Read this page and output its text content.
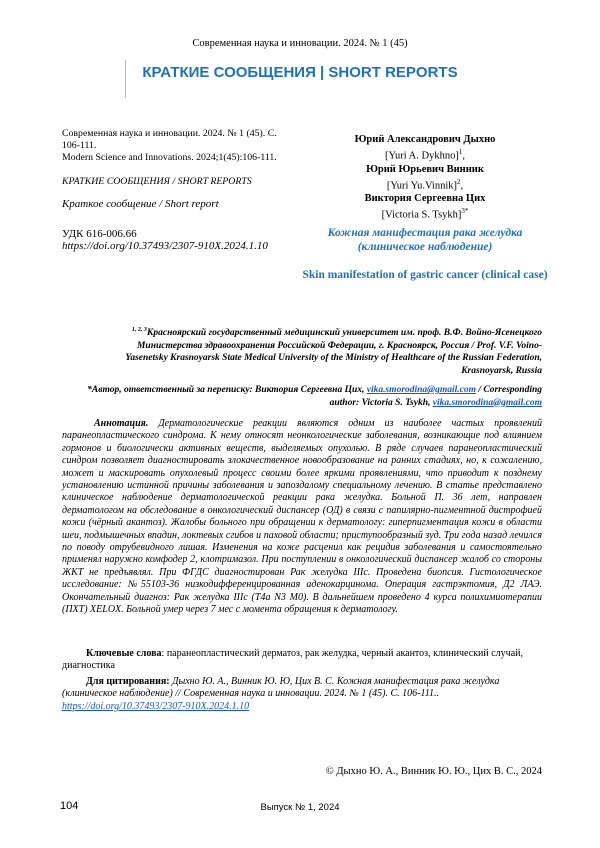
Современная наука и инновации. 2024. № 1 (45)
КРАТКИЕ СООБЩЕНИЯ | SHORT REPORTS
Современная наука и инновации. 2024. № 1 (45). С. 106-111.
Modern Science and Innovations. 2024;1(45):106-111.
КРАТКИЕ СООБЩЕНИЯ / SHORT REPORTS
Краткое сообщение / Short report
УДК 616-006.66
https://doi.org/10.37493/2307-910X.2024.1.10
Юрий Александрович Дыхно
[Yuri A. Dykhno]$^1$,
Юрий Юрьевич Винник
[Yuri Yu.Vinnik]$^2$,
Виктория Сергеевна Цих
[Victoria S. Tsykh]$^{3*}$
Кожная манифестация рака желудка (клиническое наблюдение)
Skin manifestation of gastric cancer (clinical case)
$^{1, 2, 3}$Красноярский государственный медицинский университет им. проф. В.Ф. Войно-Ясенецкого Министерства здравоохранения Российской Федерации, г. Красноярск, Россия / Prof. V.F. Voino-Yasenetsky Krasnoyarsk State Medical University of the Ministry of Healthcare of the Russian Federation, Krasnoyarsk, Russia
*Автор, ответственный за переписку: Виктория Сергеевна Цих, vika.smorodina@gmail.com / Corresponding author: Victoria S. Tsykh, vika.smorodina@gmail.com
Аннотация. Дерматологические реакции являются одним из наиболее частых проявлений паранеопластического синдрома. К нему относят неонкологические заболевания, возникающие под влиянием гормонов и биологически активных веществ, выделяемых опухолью. В ряде случаев паранеопластический синдром позволяет диагностировать злокачественное новообразование на ранних стадиях, но, к сожалению, может и маскировать опухолевый процесс своими более яркими проявлениями, что приводит к позднему установлению истинной причины заболевания и запоздалому специальному лечению. В статье представлено клиническое наблюдение дерматологической реакции рака желудка. Больной П. 36 лет, направлен дерматологом на обследование в онкологический диспансер (ОД) в связи с папилярно-пигментной дистрофией кожи (чёрный акантоз). Жалобы больного при обращении к дерматологу: гиперпигментация кожи в области шеи, подмышечных впадин, локтевых сгибов и паховой области; приступообразный зуд. Три года назад лечился по поводу отрубевидного лишая. Изменения на коже расценил как рецидив заболевания и самостоятельно применял наружно комфодер 2, клотримазол. При поступлении в онкологический диспансер жалоб со стороны ЖКТ не предъявлял. При ФГДС диагностирован Рак желудка IIIc. Проведена биопсия. Гистологическое исследование: №55103-36 низкодифференцированная аденокарцинома. Операция гастрэктомия, Д2 ЛАЭ. Окончательный диагноз: Рак желудка IIIc (T4a N3 M0). В дальнейшем проведено 4 курса полихимиотерапии (ПХТ) XELOX. Больной умер через 7 мес с момента обращения к дерматологу.
Ключевые слова: паранеопластический дерматоз, рак желудка, черный акантоз, клинический случай, диагностика
Для цитирования: Дыхно Ю. А., Винник Ю. Ю, Цих В. С. Кожная манифестация рака желудка (клиническое наблюдение) // Современная наука и инновации. 2024. № 1 (45). С. 106-111.. https://doi.org/10.37493/2307-910X.2024.1.10
© Дыхно Ю. А., Винник Ю. Ю., Цих В. С., 2024
104	Выпуск № 1, 2024
